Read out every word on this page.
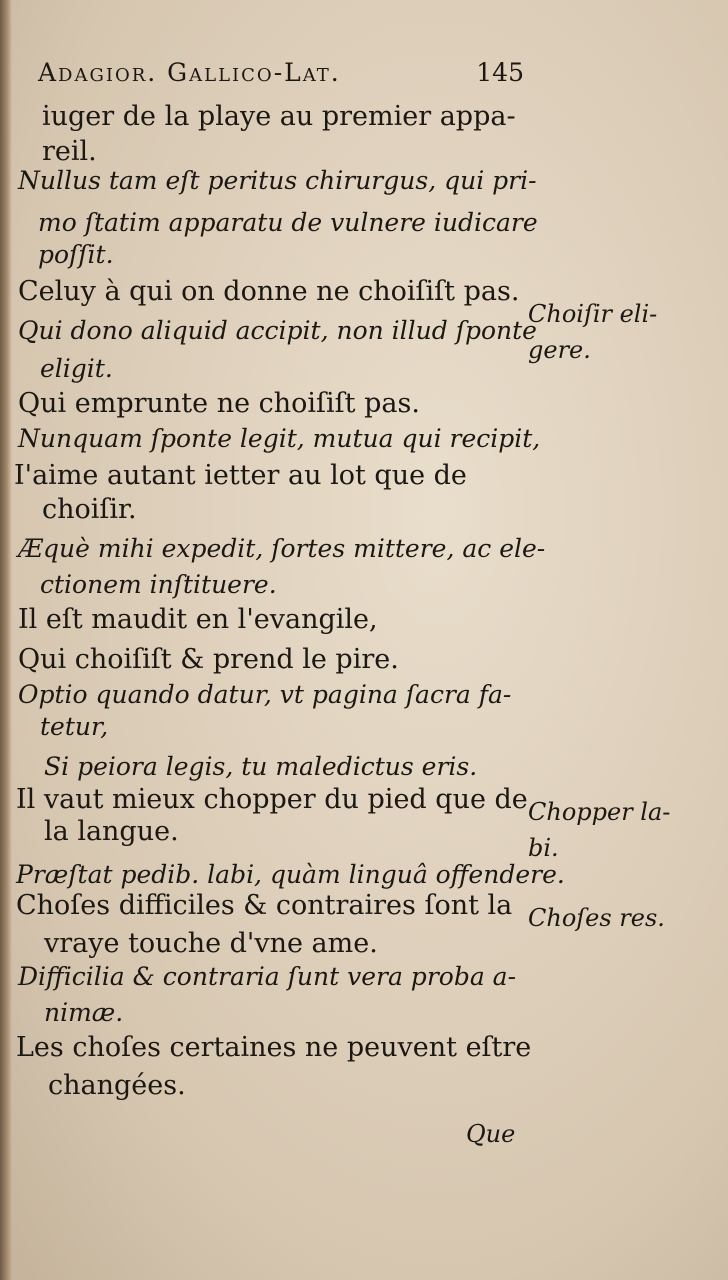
Adagior. Gallico-Lat.	145
iuger de la playe au premier appa-
reil.
Nullus tam eſt peritus chirurgus, qui pri-
mo ſtatim apparatu de vulnere iudicare
poſſit.
Celuy à qui on donne ne choiſiſt pas.
Qui dono aliquid accipit, non illud ſponte
eligit.
Qui emprunte ne choiſiſt pas.
Nunquam ſponte legit, mutua qui recipit,
I'aime autant ietter au lot que de
choiſir.
Æquè mihi expedit, ſortes mittere, ac ele-
ctionem inſtituere.
Il eſt maudit en l'evangile,
Qui choiſiſt & prend le pire.
Optio quando datur, vt pagina ſacra fa-
tetur,
Si peiora legis, tu maledictus eris.
Il vaut mieux chopper du pied que de
la langue.
Præſtat pedib. labi, quàm linguâ offendere.
Choſes difficiles & contraires ſont la
vraye touche d'vne ame.
Difficilia & contraria ſunt vera proba a-
nimæ.
Les choſes certaines ne peuvent eſtre
changées.
Choiſir eli-
gere.
Chopper la-
bi.
Choſes res.
Que
